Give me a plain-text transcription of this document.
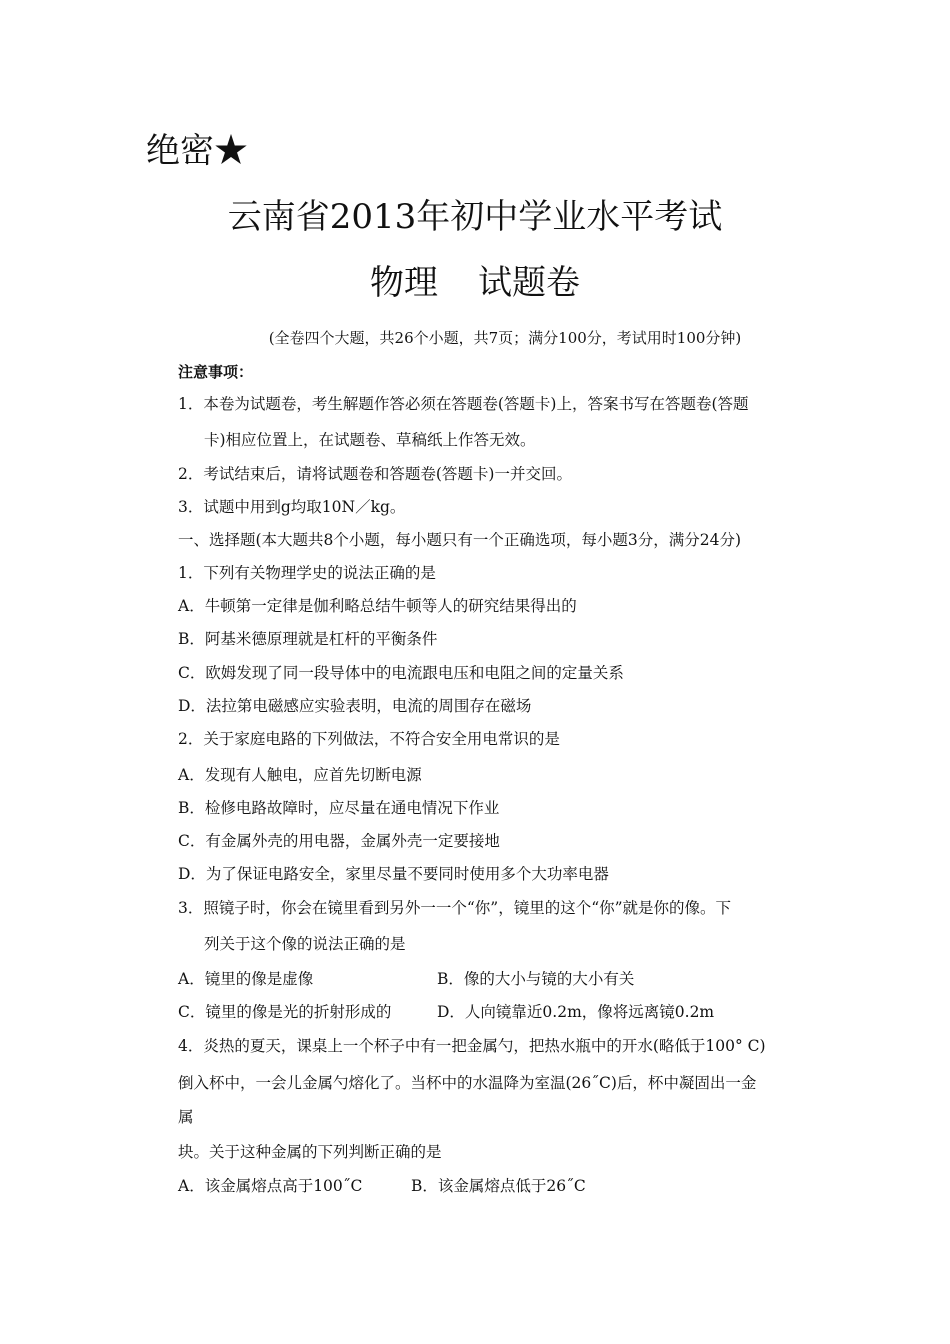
绝密★
云南省2013年初中学业水平考试
物理 试题卷
(全卷四个大题，共26个小题，共7页；满分100分，考试用时100分钟)
注意事项：
1．本卷为试题卷，考生解题作答必须在答题卷(答题卡)上，答案书写在答题卷(答题
卡)相应位置上，在试题卷、草稿纸上作答无效。
2．考试结束后，请将试题卷和答题卷(答题卡)一并交回。
3．试题中用到g均取10N／kg。
一、选择题(本大题共8个小题，每小题只有一个正确选项，每小题3分，满分24分)
1．下列有关物理学史的说法正确的是
A．牛顿第一定律是伽利略总结牛顿等人的研究结果得出的
B．阿基米德原理就是杠杆的平衡条件
C．欧姆发现了同一段导体中的电流跟电压和电阻之间的定量关系
D．法拉第电磁感应实验表明，电流的周围存在磁场
2．关于家庭电路的下列做法，不符合安全用电常识的是
A．发现有人触电，应首先切断电源
B．检修电路故障时，应尽量在通电情况下作业
C．有金属外壳的用电器，金属外壳一定要接地
D．为了保证电路安全，家里尽量不要同时使用多个大功率电器
3．照镜子时，你会在镜里看到另外一一个“你”，镜里的这个“你”就是你的像。下
列关于这个像的说法正确的是
A．镜里的像是虚像	B．像的大小与镜的大小有关
C．镜里的像是光的折射形成的	D．人向镜靠近0.2m，像将远离镜0.2m
4．炎热的夏天，课桌上一个杯子中有一把金属勺，把热水瓶中的开水(略低于100° C)
倒入杯中，一会儿金属勺熔化了。当杯中的水温降为室温(26˝C)后，杯中凝固出一金
属
块。关于这种金属的下列判断正确的是
A．该金属熔点高于100˝C	B．该金属熔点低于26˝C
